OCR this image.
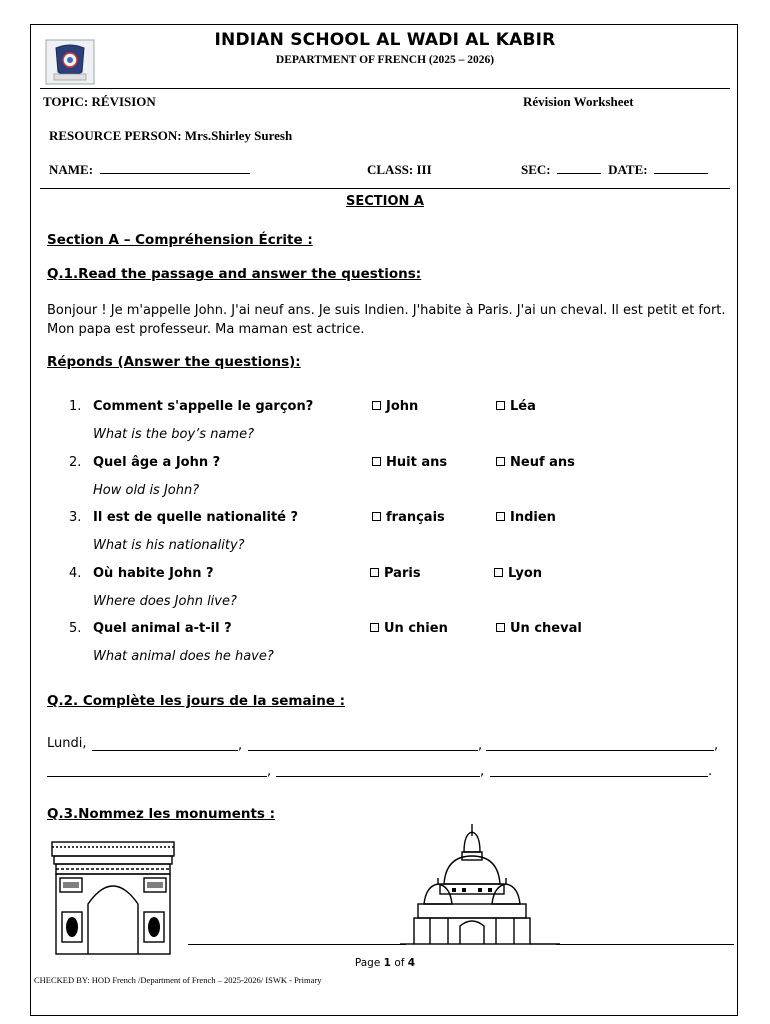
INDIAN SCHOOL AL WADI AL KABIR
DEPARTMENT OF FRENCH (2025 – 2026)
TOPIC: RÉVISION	Révision Worksheet
RESOURCE PERSON: Mrs.Shirley Suresh
NAME:	CLASS: III	SEC:	DATE:
SECTION A
Section A – Compréhension Écrite :
Q.1.Read the passage and answer the questions:
Bonjour ! Je m'appelle John. J'ai neuf ans. Je suis Indien. J'habite à Paris. J'ai un cheval. Il est petit et fort. Mon papa est professeur. Ma maman est actrice.
Réponds (Answer the questions):
1. Comment s'appelle le garçon?	John	Léa
What is the boy’s name?
2. Quel âge a John ?	Huit ans	Neuf ans
How old is John?
3. Il est de quelle nationalité ?	français	Indien
What is his nationality?
4. Où habite John ?	Paris	Lyon
Where does John live?
5. Quel animal a-t-il ?	Un chien	Un cheval
What animal does he have?
Q.2. Complète les jours de la semaine :
Lundi,	,	,	,
,	,	.
Q.3.Nommez les monuments :
Page 1 of 4
CHECKED BY: HOD French /Department of French – 2025-2026/ ISWK - Primary
